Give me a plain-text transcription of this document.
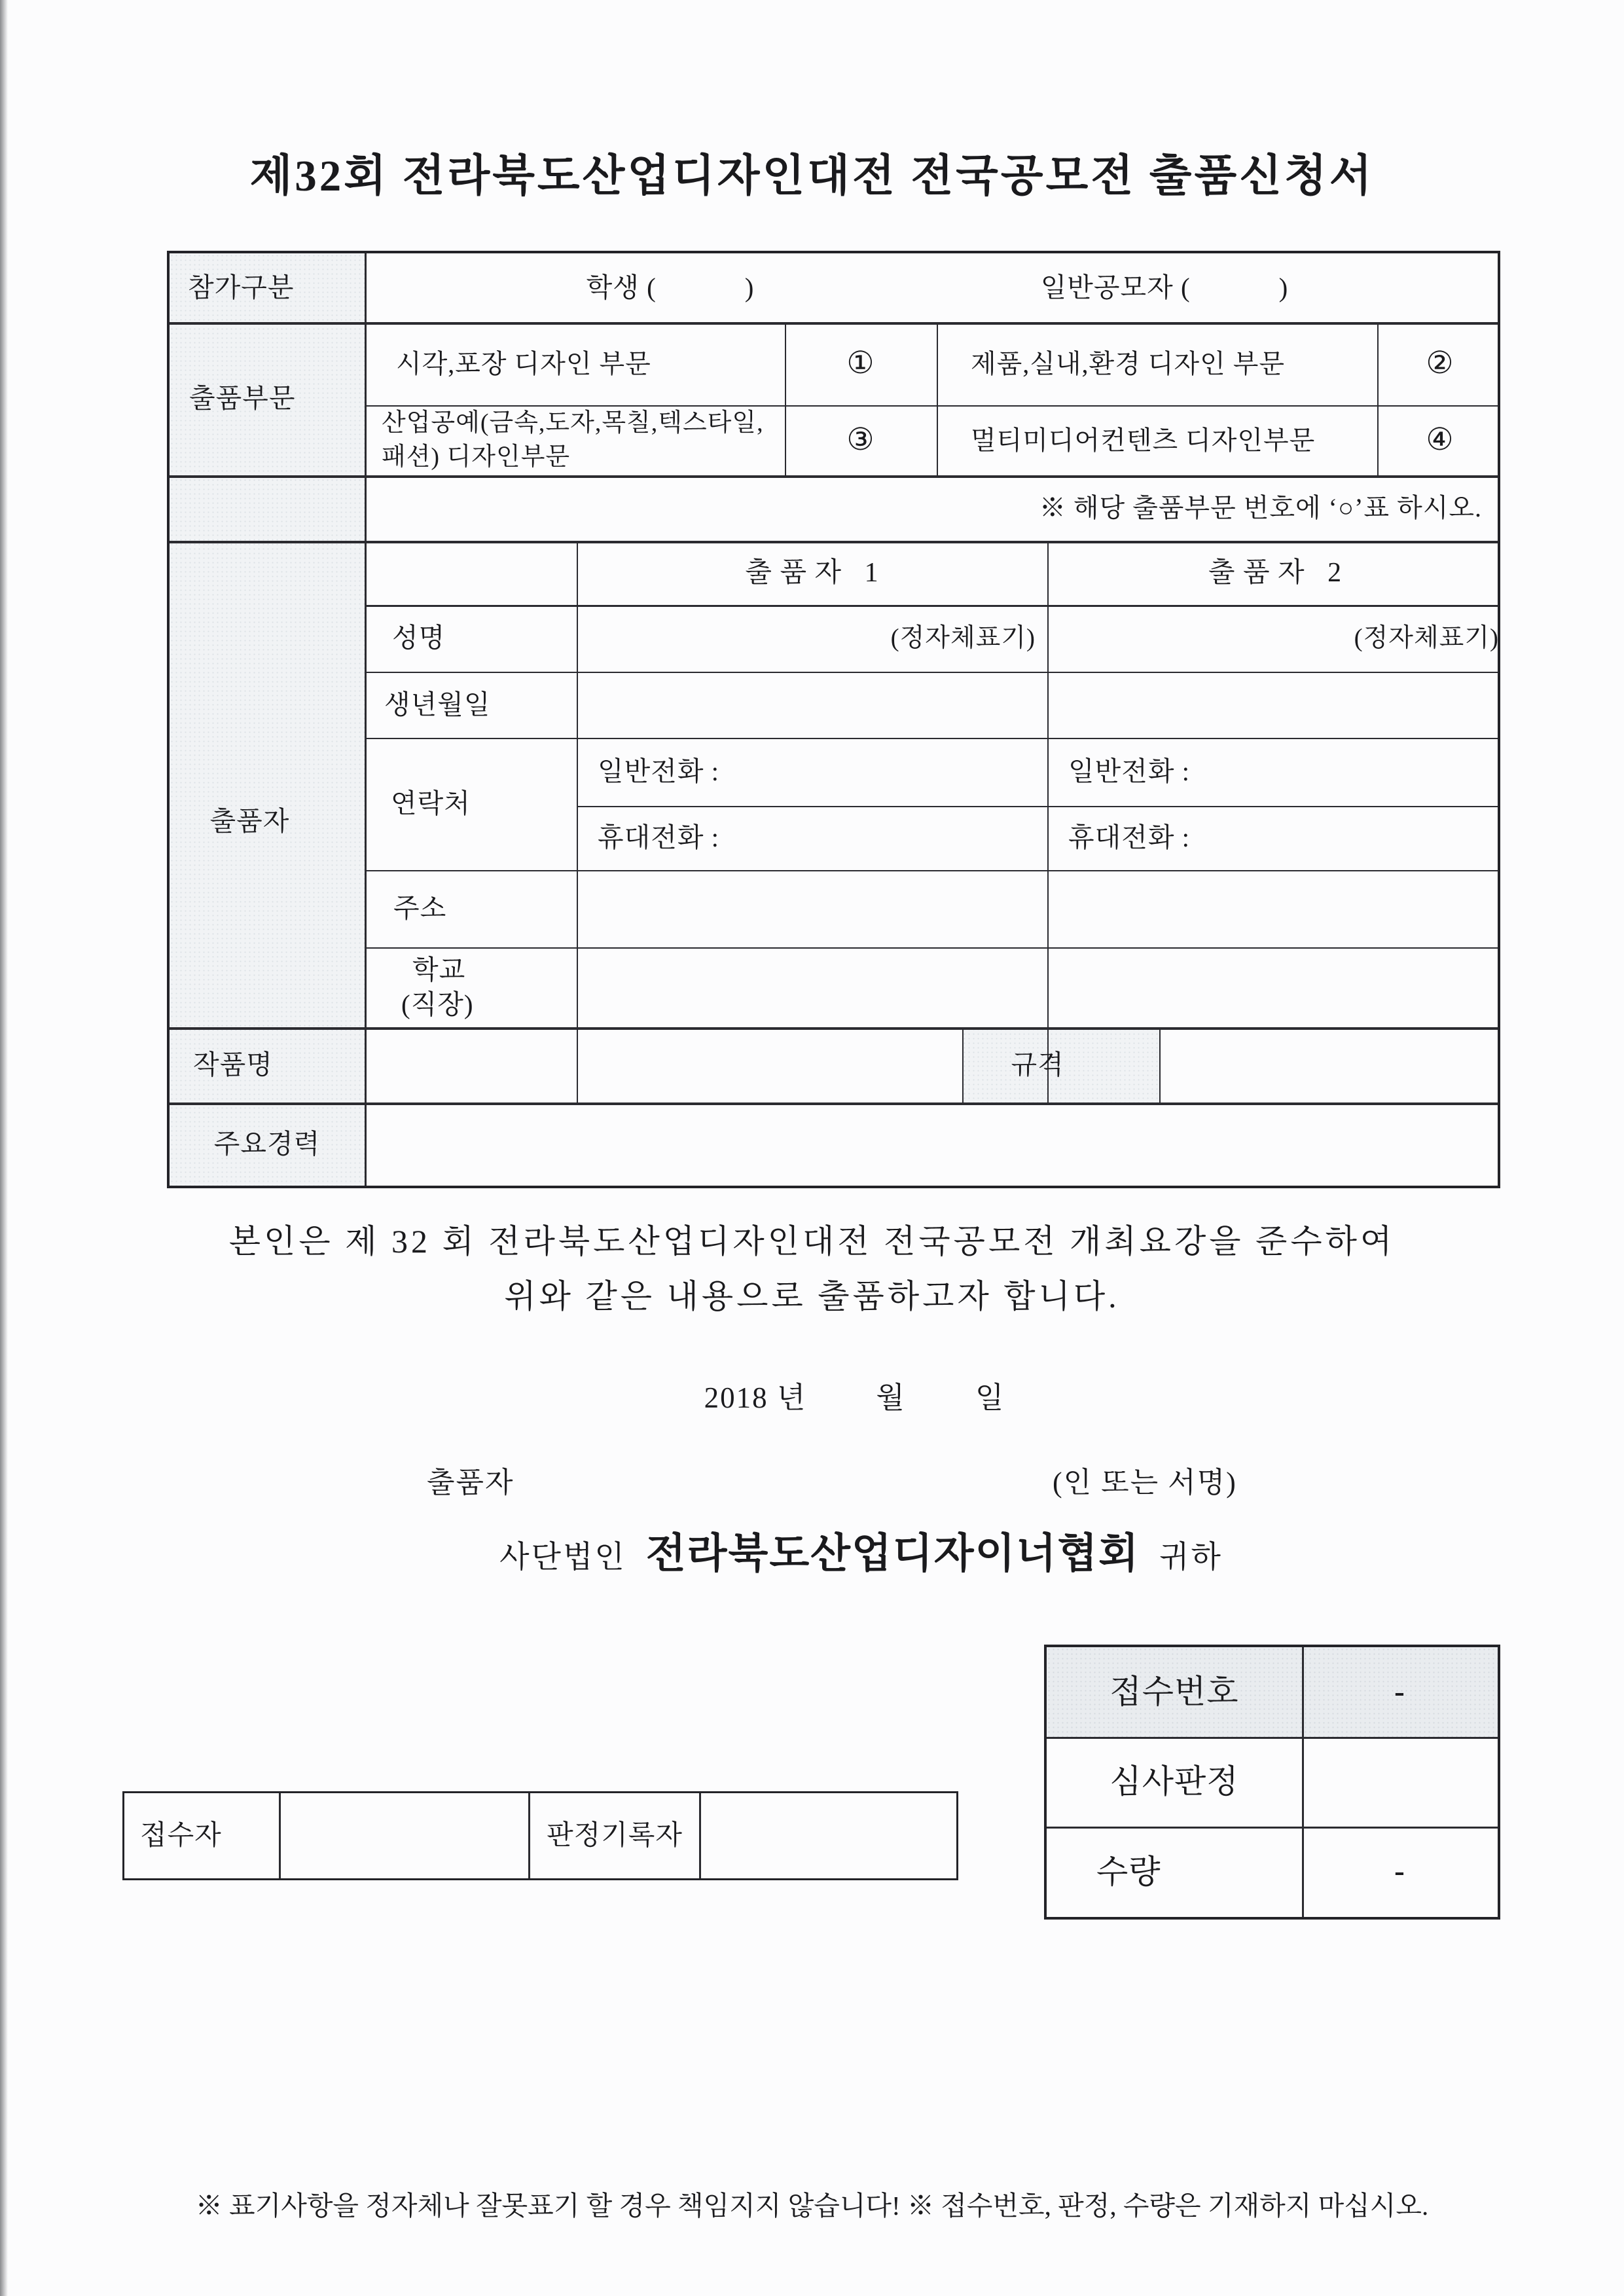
제32회 전라북도산업디자인대전 전국공모전 출품신청서
참가구분	학생 (            )	일반공모자 (            )
출품부문
시각,포장 디자인 부문	①	제품,실내,환경 디자인 부문	②
산업공예(금속,도자,목칠,텍스타일, 패션) 디자인부문	③	멀티미디어컨텐츠 디자인부문	④
※ 해당 출품부문 번호에 ‘○’표 하시오.
출품자
출 품 자   1	출 품 자   2
성명	(정자체표기)	(정자체표기)
생년월일
연락처
일반전화 :	일반전화 :
휴대전화 :	휴대전화 :
주소
학교
(직장)
작품명	규격
주요경력
본인은 제 32 회 전라북도산업디자인대전 전국공모전 개최요강을 준수하여
위와 같은 내용으로 출품하고자 합니다.
2018 년        월        일
출품자	(인 또는 서명)
사단법인 전라북도산업디자이너협회 귀하
접수번호	-
심사판정
수량	-
접수자	판정기록자
※ 표기사항을 정자체나 잘못표기 할 경우 책임지지 않습니다! ※ 접수번호, 판정, 수량은 기재하지 마십시오.
